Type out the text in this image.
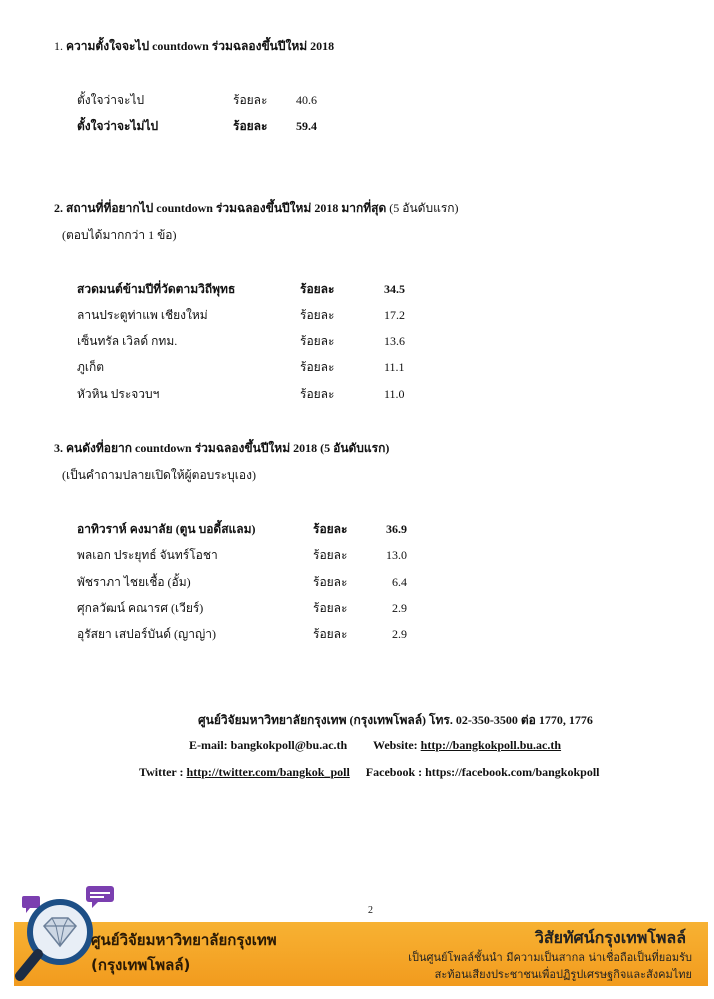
1. ความตั้งใจจะไป countdown ร่วมฉลองขึ้นปีใหม่ 2018
ตั้งใจว่าจะไป	ร้อยละ 40.6
ตั้งใจว่าจะไม่ไป	ร้อยละ 59.4
2. สถานที่ที่อยากไป countdown ร่วมฉลองขึ้นปีใหม่ 2018 มากที่สุด (5 อันดับแรก)
(ตอบได้มากกว่า 1 ข้อ)
สวดมนต์ข้ามปีที่วัดตามวิถีพุทธ	ร้อยละ	34.5
ลานประตูท่าแพ เชียงใหม่	ร้อยละ	17.2
เซ็นทรัล เวิลด์ กทม.	ร้อยละ	13.6
ภูเก็ต	ร้อยละ	11.1
หัวหิน ประจวบฯ	ร้อยละ	11.0
3. คนดังที่อยาก countdown ร่วมฉลองขึ้นปีใหม่ 2018 (5 อันดับแรก)
(เป็นคำถามปลายเปิดให้ผู้ตอบระบุเอง)
อาทิวราห์ คงมาลัย (ตูน บอดี้สแลม)	ร้อยละ	36.9
พลเอก ประยุทธ์ จันทร์โอชา	ร้อยละ	13.0
พัชราภา ไชยเชื้อ (อั้ม)	ร้อยละ	6.4
ศุกลวัฒน์ คณารศ (เวียร์)	ร้อยละ	2.9
อุรัสยา เสปอร์บันด์ (ญาญ่า)	ร้อยละ	2.9
ศูนย์วิจัยมหาวิทยาลัยกรุงเทพ (กรุงเทพโพลล์) โทร. 02-350-3500 ต่อ 1770, 1776
E-mail: bangkokpoll@bu.ac.th Website: http://bangkokpoll.bu.ac.th
Twitter : http://twitter.com/bangkok_poll Facebook : https://facebook.com/bangkokpoll
2
ศูนย์วิจัยมหาวิทยาลัยกรุงเทพ
(กรุงเทพโพลล์)
วิสัยทัศน์กรุงเทพโพลล์
เป็นศูนย์โพลล์ชั้นนำ มีความเป็นสากล น่าเชื่อถือเป็นที่ยอมรับ
สะท้อนเสียงประชาชนเพื่อปฏิรูปเศรษฐกิจและสังคมไทย
